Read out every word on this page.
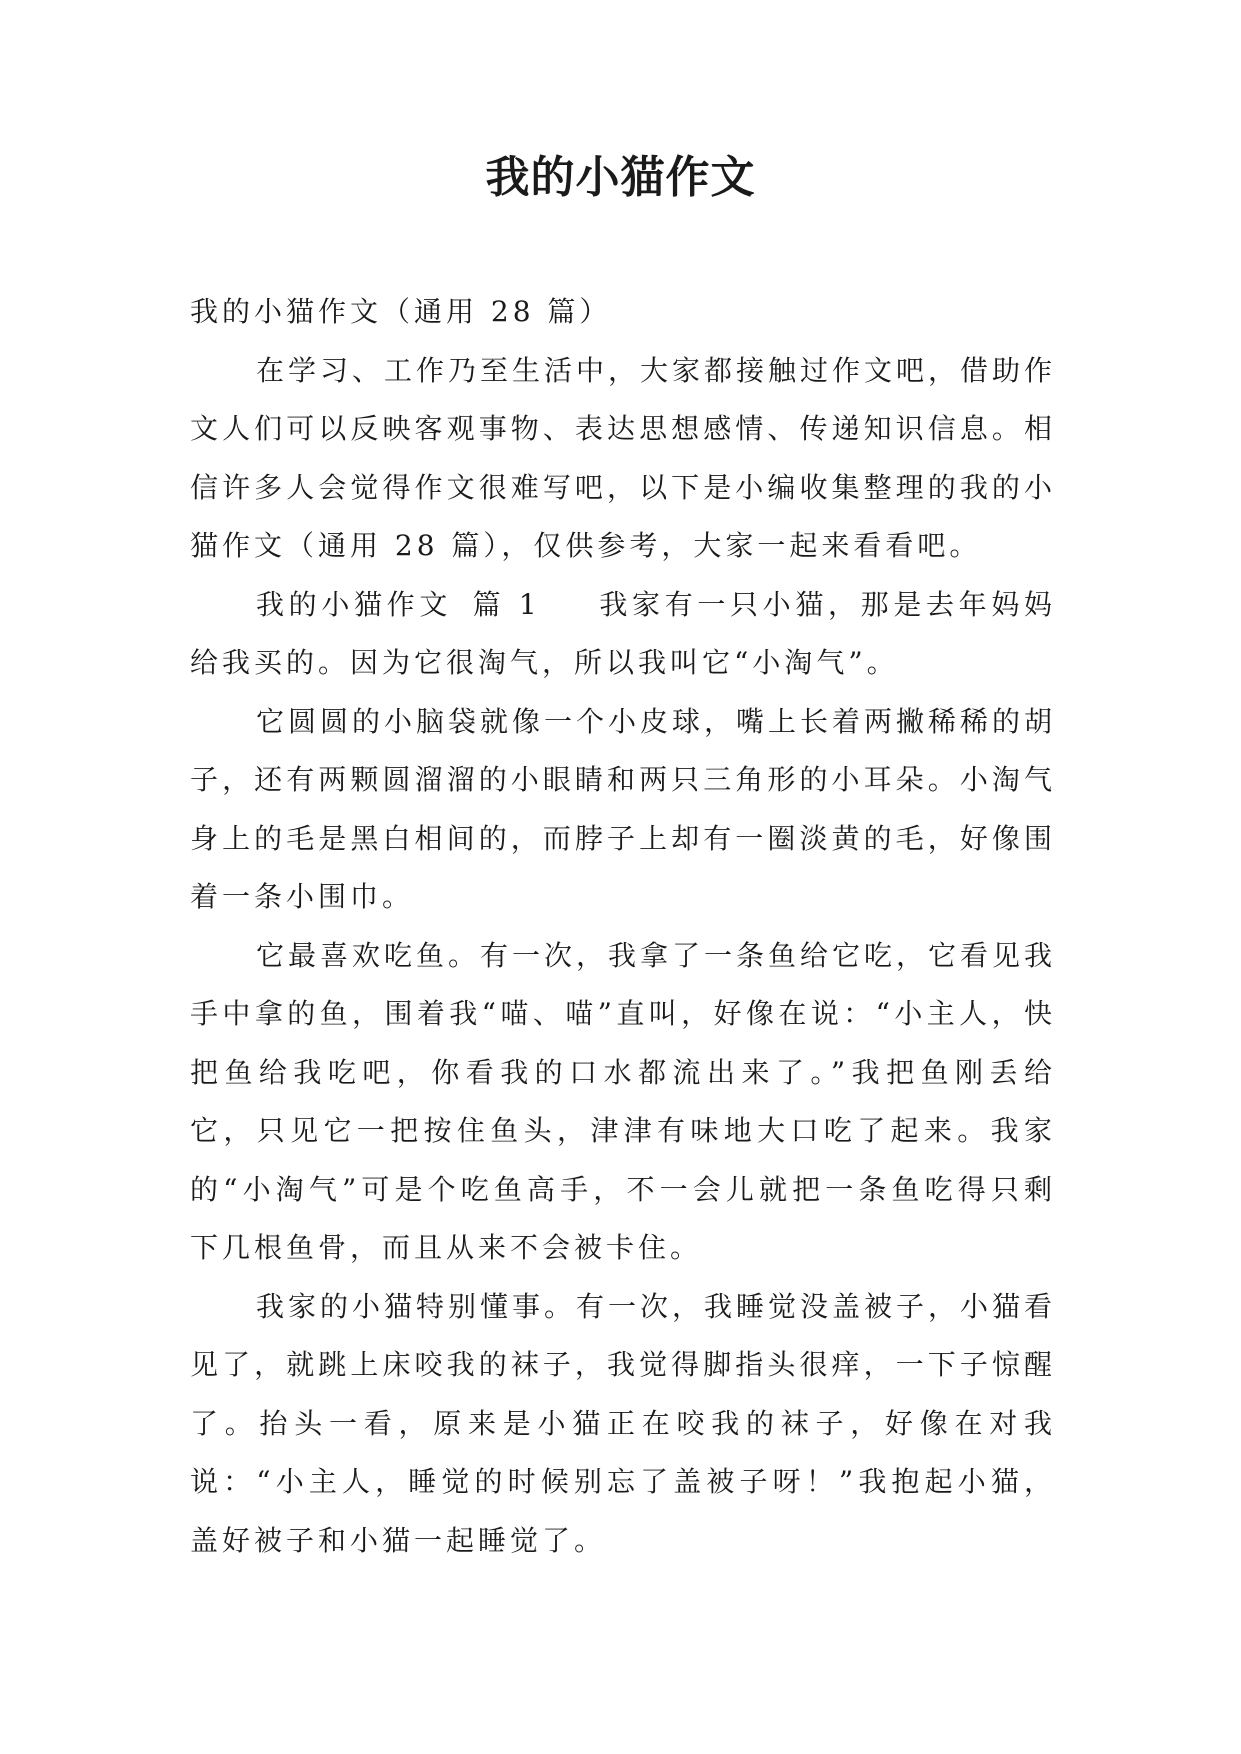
我的小猫作文

我的小猫作文（通用 28 篇）

在学习、工作乃至生活中，大家都接触过作文吧，借助作文人们可以反映客观事物、表达思想感情、传递知识信息。相信许多人会觉得作文很难写吧，以下是小编收集整理的我的小猫作文（通用 28 篇），仅供参考，大家一起来看看吧。

我的小猫作文 篇 1 我家有一只小猫，那是去年妈妈给我买的。因为它很淘气，所以我叫它“小淘气”。

它圆圆的小脑袋就像一个小皮球，嘴上长着两撇稀稀的胡子，还有两颗圆溜溜的小眼睛和两只三角形的小耳朵。小淘气身上的毛是黑白相间的，而脖子上却有一圈淡黄的毛，好像围着一条小围巾。

它最喜欢吃鱼。有一次，我拿了一条鱼给它吃，它看见我手中拿的鱼，围着我“喵、喵”直叫，好像在说：“小主人，快把鱼给我吃吧，你看我的口水都流出来了。”我把鱼刚丢给它，只见它一把按住鱼头，津津有味地大口吃了起来。我家的“小淘气”可是个吃鱼高手，不一会儿就把一条鱼吃得只剩下几根鱼骨，而且从来不会被卡住。

我家的小猫特别懂事。有一次，我睡觉没盖被子，小猫看见了，就跳上床咬我的袜子，我觉得脚指头很痒，一下子惊醒了。抬头一看，原来是小猫正在咬我的袜子，好像在对我说：“小主人，睡觉的时候别忘了盖被子呀！”我抱起小猫，盖好被子和小猫一起睡觉了。
